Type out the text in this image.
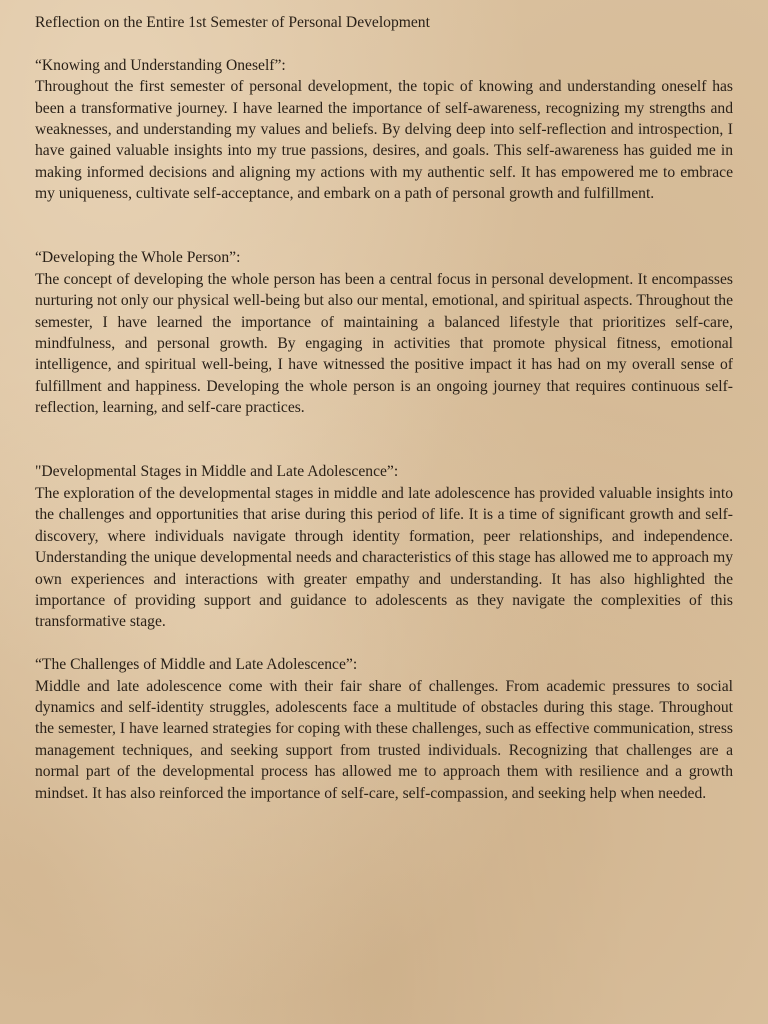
Reflection on the Entire 1st Semester of Personal Development

“Knowing and Understanding Oneself”:

Throughout the first semester of personal development, the topic of knowing and understanding oneself has been a transformative journey. I have learned the importance of self-awareness, recognizing my strengths and weaknesses, and understanding my values and beliefs. By delving deep into self-reflection and introspection, I have gained valuable insights into my true passions, desires, and goals. This self-awareness has guided me in making informed decisions and aligning my actions with my authentic self. It has empowered me to embrace my uniqueness, cultivate self-acceptance, and embark on a path of personal growth and fulfillment.

“Developing the Whole Person”:

The concept of developing the whole person has been a central focus in personal development. It encompasses nurturing not only our physical well-being but also our mental, emotional, and spiritual aspects. Throughout the semester, I have learned the importance of maintaining a balanced lifestyle that prioritizes self-care, mindfulness, and personal growth. By engaging in activities that promote physical fitness, emotional intelligence, and spiritual well-being, I have witnessed the positive impact it has had on my overall sense of fulfillment and happiness. Developing the whole person is an ongoing journey that requires continuous self-reflection, learning, and self-care practices.

"Developmental Stages in Middle and Late Adolescence”:

The exploration of the developmental stages in middle and late adolescence has provided valuable insights into the challenges and opportunities that arise during this period of life. It is a time of significant growth and self-discovery, where individuals navigate through identity formation, peer relationships, and independence. Understanding the unique developmental needs and characteristics of this stage has allowed me to approach my own experiences and interactions with greater empathy and understanding. It has also highlighted the importance of providing support and guidance to adolescents as they navigate the complexities of this transformative stage.

“The Challenges of Middle and Late Adolescence”:

Middle and late adolescence come with their fair share of challenges. From academic pressures to social dynamics and self-identity struggles, adolescents face a multitude of obstacles during this stage. Throughout the semester, I have learned strategies for coping with these challenges, such as effective communication, stress management techniques, and seeking support from trusted individuals. Recognizing that challenges are a normal part of the developmental process has allowed me to approach them with resilience and a growth mindset. It has also reinforced the importance of self-care, self-compassion, and seeking help when needed.
